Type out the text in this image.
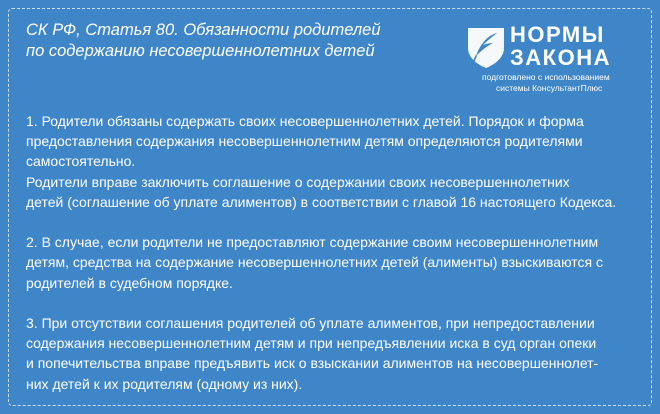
СК РФ, Статья 80. Обязанности родителей
по содержанию несовершеннолетних детей
НОРМЫ
ЗАКОНА
подготовлено с использованием
системы КонсультантПлюс

1. Родители обязаны содержать своих несовершеннолетних детей. Порядок и форма

предоставления содержания несовершеннолетним детям определяются родителями

самостоятельно.

Родители вправе заключить соглашение о содержании своих несовершеннолетних

детей (соглашение об уплате алиментов) в соответствии с главой 16 настоящего Кодекса.

2. В случае, если родители не предоставляют содержание своим несовершеннолетним

детям, средства на содержание несовершеннолетних детей (алименты) взыскиваются с

родителей в судебном порядке.

3. При отсутствии соглашения родителей об уплате алиментов, при непредоставлении

содержания несовершеннолетним детям и при непредъявлении иска в суд орган опеки

и попечительства вправе предъявить иск о взыскании алиментов на несовершеннолет-

них детей к их родителям (одному из них).
